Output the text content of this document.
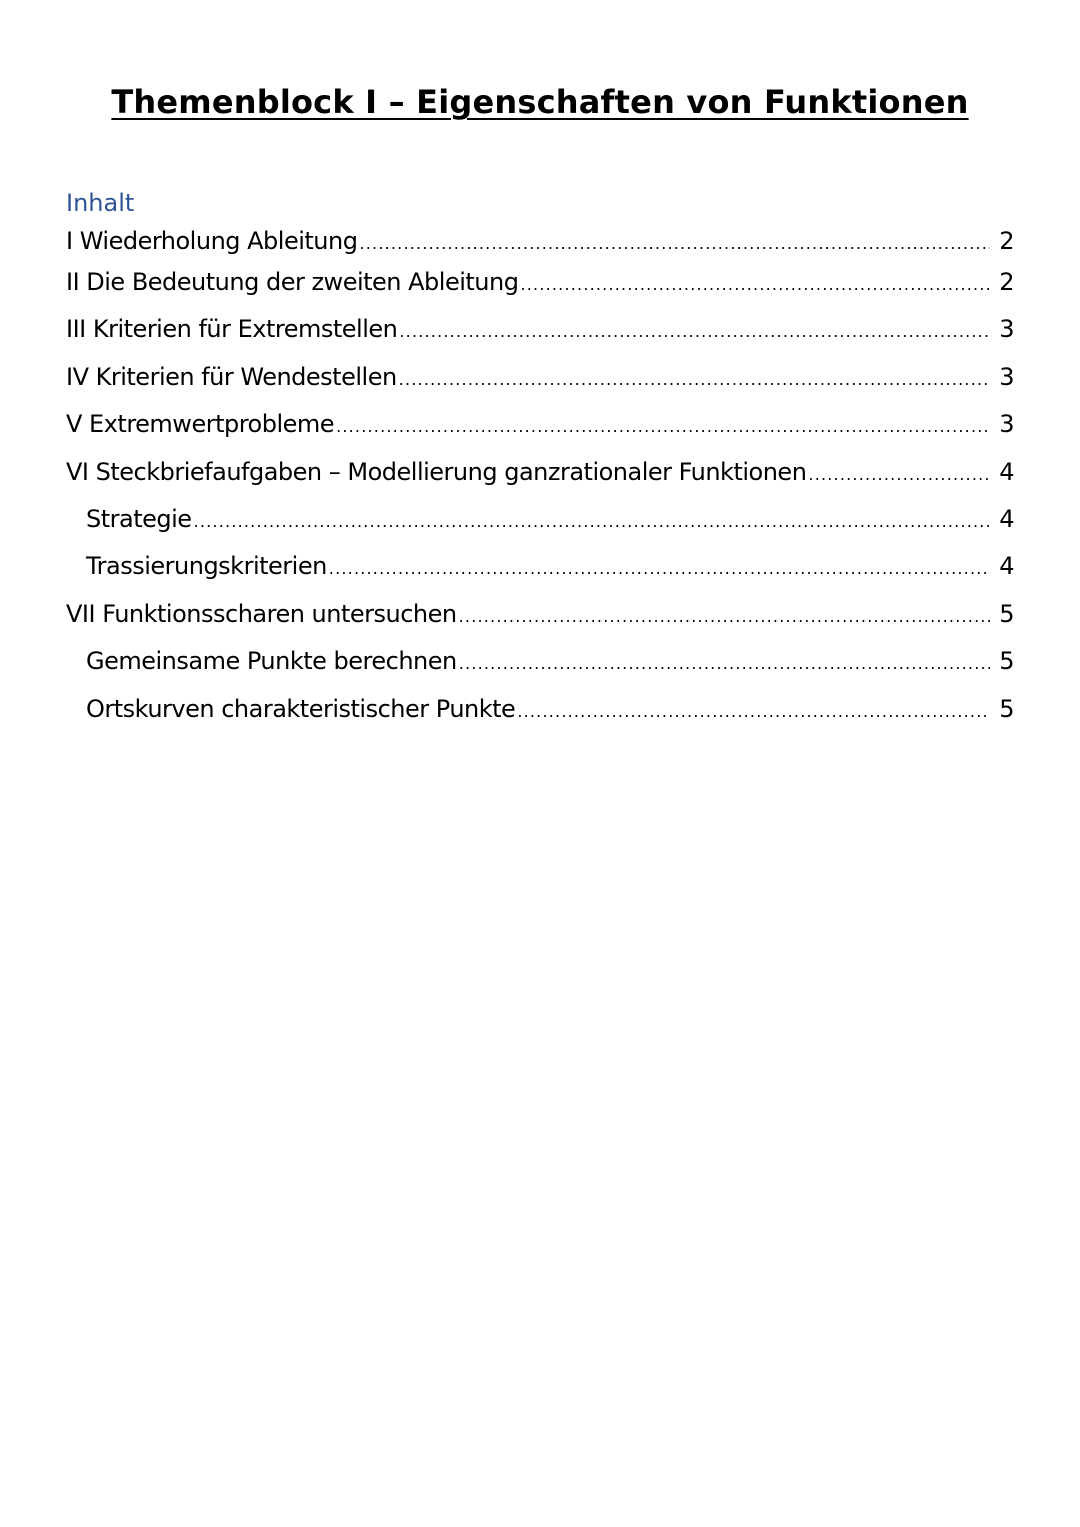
Themenblock I – Eigenschaften von Funktionen
Inhalt
I Wiederholung Ableitung .....	2
II Die Bedeutung der zweiten Ableitung .....	2
III Kriterien für Extremstellen .....	3
IV Kriterien für Wendestellen .....	3
V Extremwertprobleme .....	3
VI Steckbriefaufgaben – Modellierung ganzrationaler Funktionen .....	4
Strategie .....	4
Trassierungskriterien .....	4
VII Funktionsscharen untersuchen .....	5
Gemeinsame Punkte berechnen .....	5
Ortskurven charakteristischer Punkte .....	5
